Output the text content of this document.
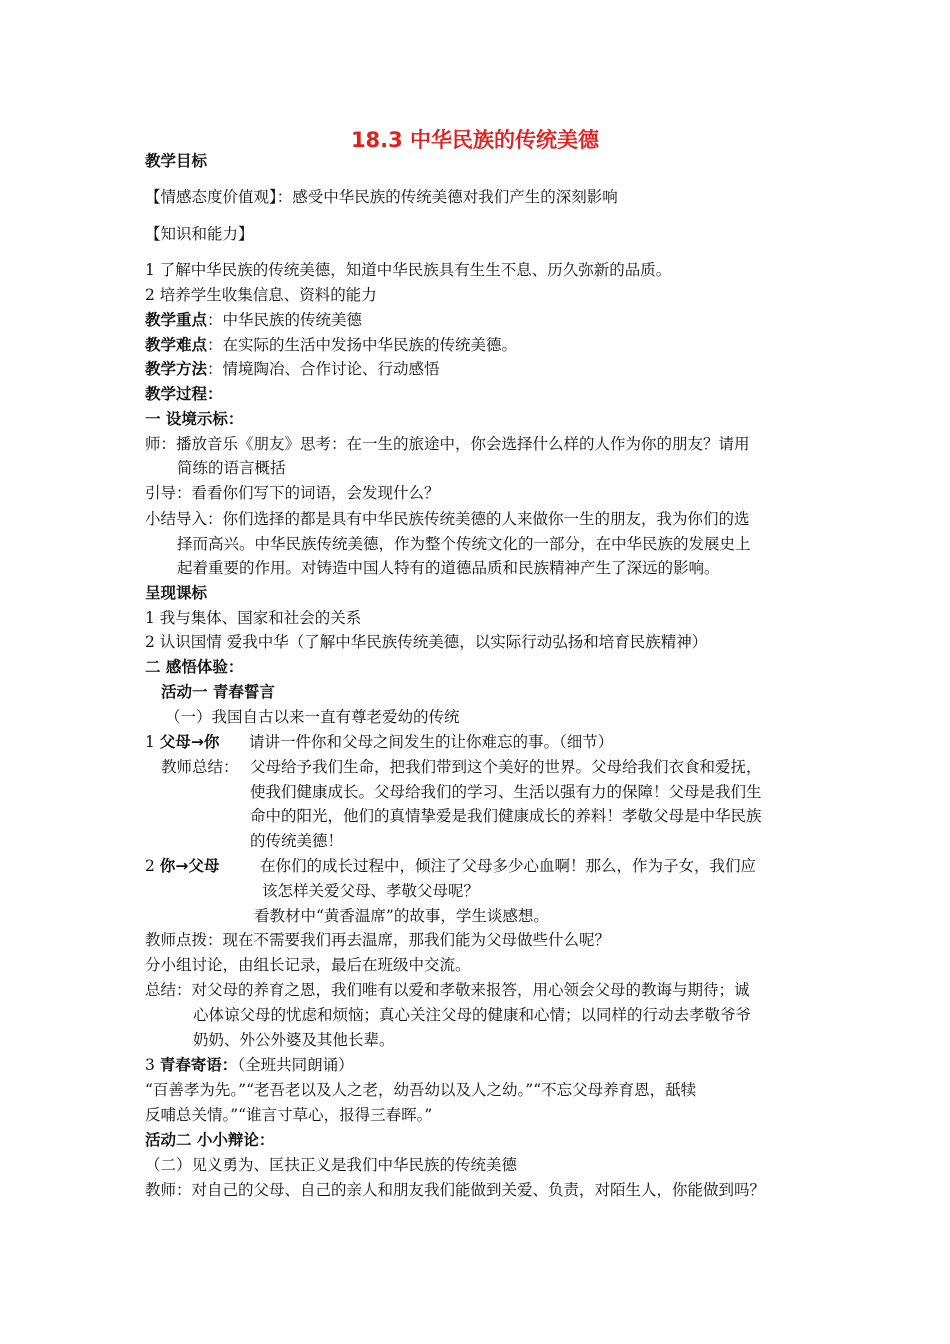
18.3 中华民族的传统美德
教学目标
【情感态度价值观】：感受中华民族的传统美德对我们产生的深刻影响
【知识和能力】
1 了解中华民族的传统美德，知道中华民族具有生生不息、历久弥新的品质。
2 培养学生收集信息、资料的能力
教学重点：中华民族的传统美德
教学难点：在实际的生活中发扬中华民族的传统美德。
教学方法：情境陶冶、合作讨论、行动感悟
教学过程：
一 设境示标：
师：播放音乐《朋友》思考：在一生的旅途中，你会选择什么样的人作为你的朋友？请用
简练的语言概括
引导：看看你们写下的词语，会发现什么？
小结导入：你们选择的都是具有中华民族传统美德的人来做你一生的朋友，我为你们的选
择而高兴。中华民族传统美德，作为整个传统文化的一部分，在中华民族的发展史上
起着重要的作用。对铸造中国人特有的道德品质和民族精神产生了深远的影响。
呈现课标
1 我与集体、国家和社会的关系
2 认识国情 爱我中华（了解中华民族传统美德，以实际行动弘扬和培育民族精神）
二 感悟体验：
活动一 青春誓言
（一）我国自古以来一直有尊老爱幼的传统
1 父母→你 请讲一件你和父母之间发生的让你难忘的事。（细节）
教师总结： 父母给予我们生命，把我们带到这个美好的世界。父母给我们衣食和爱抚，
使我们健康成长。父母给我们的学习、生活以强有力的保障！父母是我们生
命中的阳光，他们的真情挚爱是我们健康成长的养料！孝敬父母是中华民族
的传统美德！
2 你→父母	在你们的成长过程中，倾注了父母多少心血啊！那么，作为子女，我们应
该怎样关爱父母、孝敬父母呢？
看教材中“黄香温席”的故事，学生谈感想。
教师点拨：现在不需要我们再去温席，那我们能为父母做些什么呢？
分小组讨论，由组长记录，最后在班级中交流。
总结：对父母的养育之恩，我们唯有以爱和孝敬来报答，用心领会父母的教诲与期待；诚
心体谅父母的忧虑和烦恼；真心关注父母的健康和心情；以同样的行动去孝敬爷爷
奶奶、外公外婆及其他长辈。
3 青春寄语：（全班共同朗诵）
“百善孝为先。”“老吾老以及人之老，幼吾幼以及人之幼。”“不忘父母养育恩，舐犊
反哺总关情。”“谁言寸草心，报得三春晖。”
活动二 小小辩论：
（二）见义勇为、匡扶正义是我们中华民族的传统美德
教师：对自己的父母、自己的亲人和朋友我们能做到关爱、负责，对陌生人，你能做到吗？
